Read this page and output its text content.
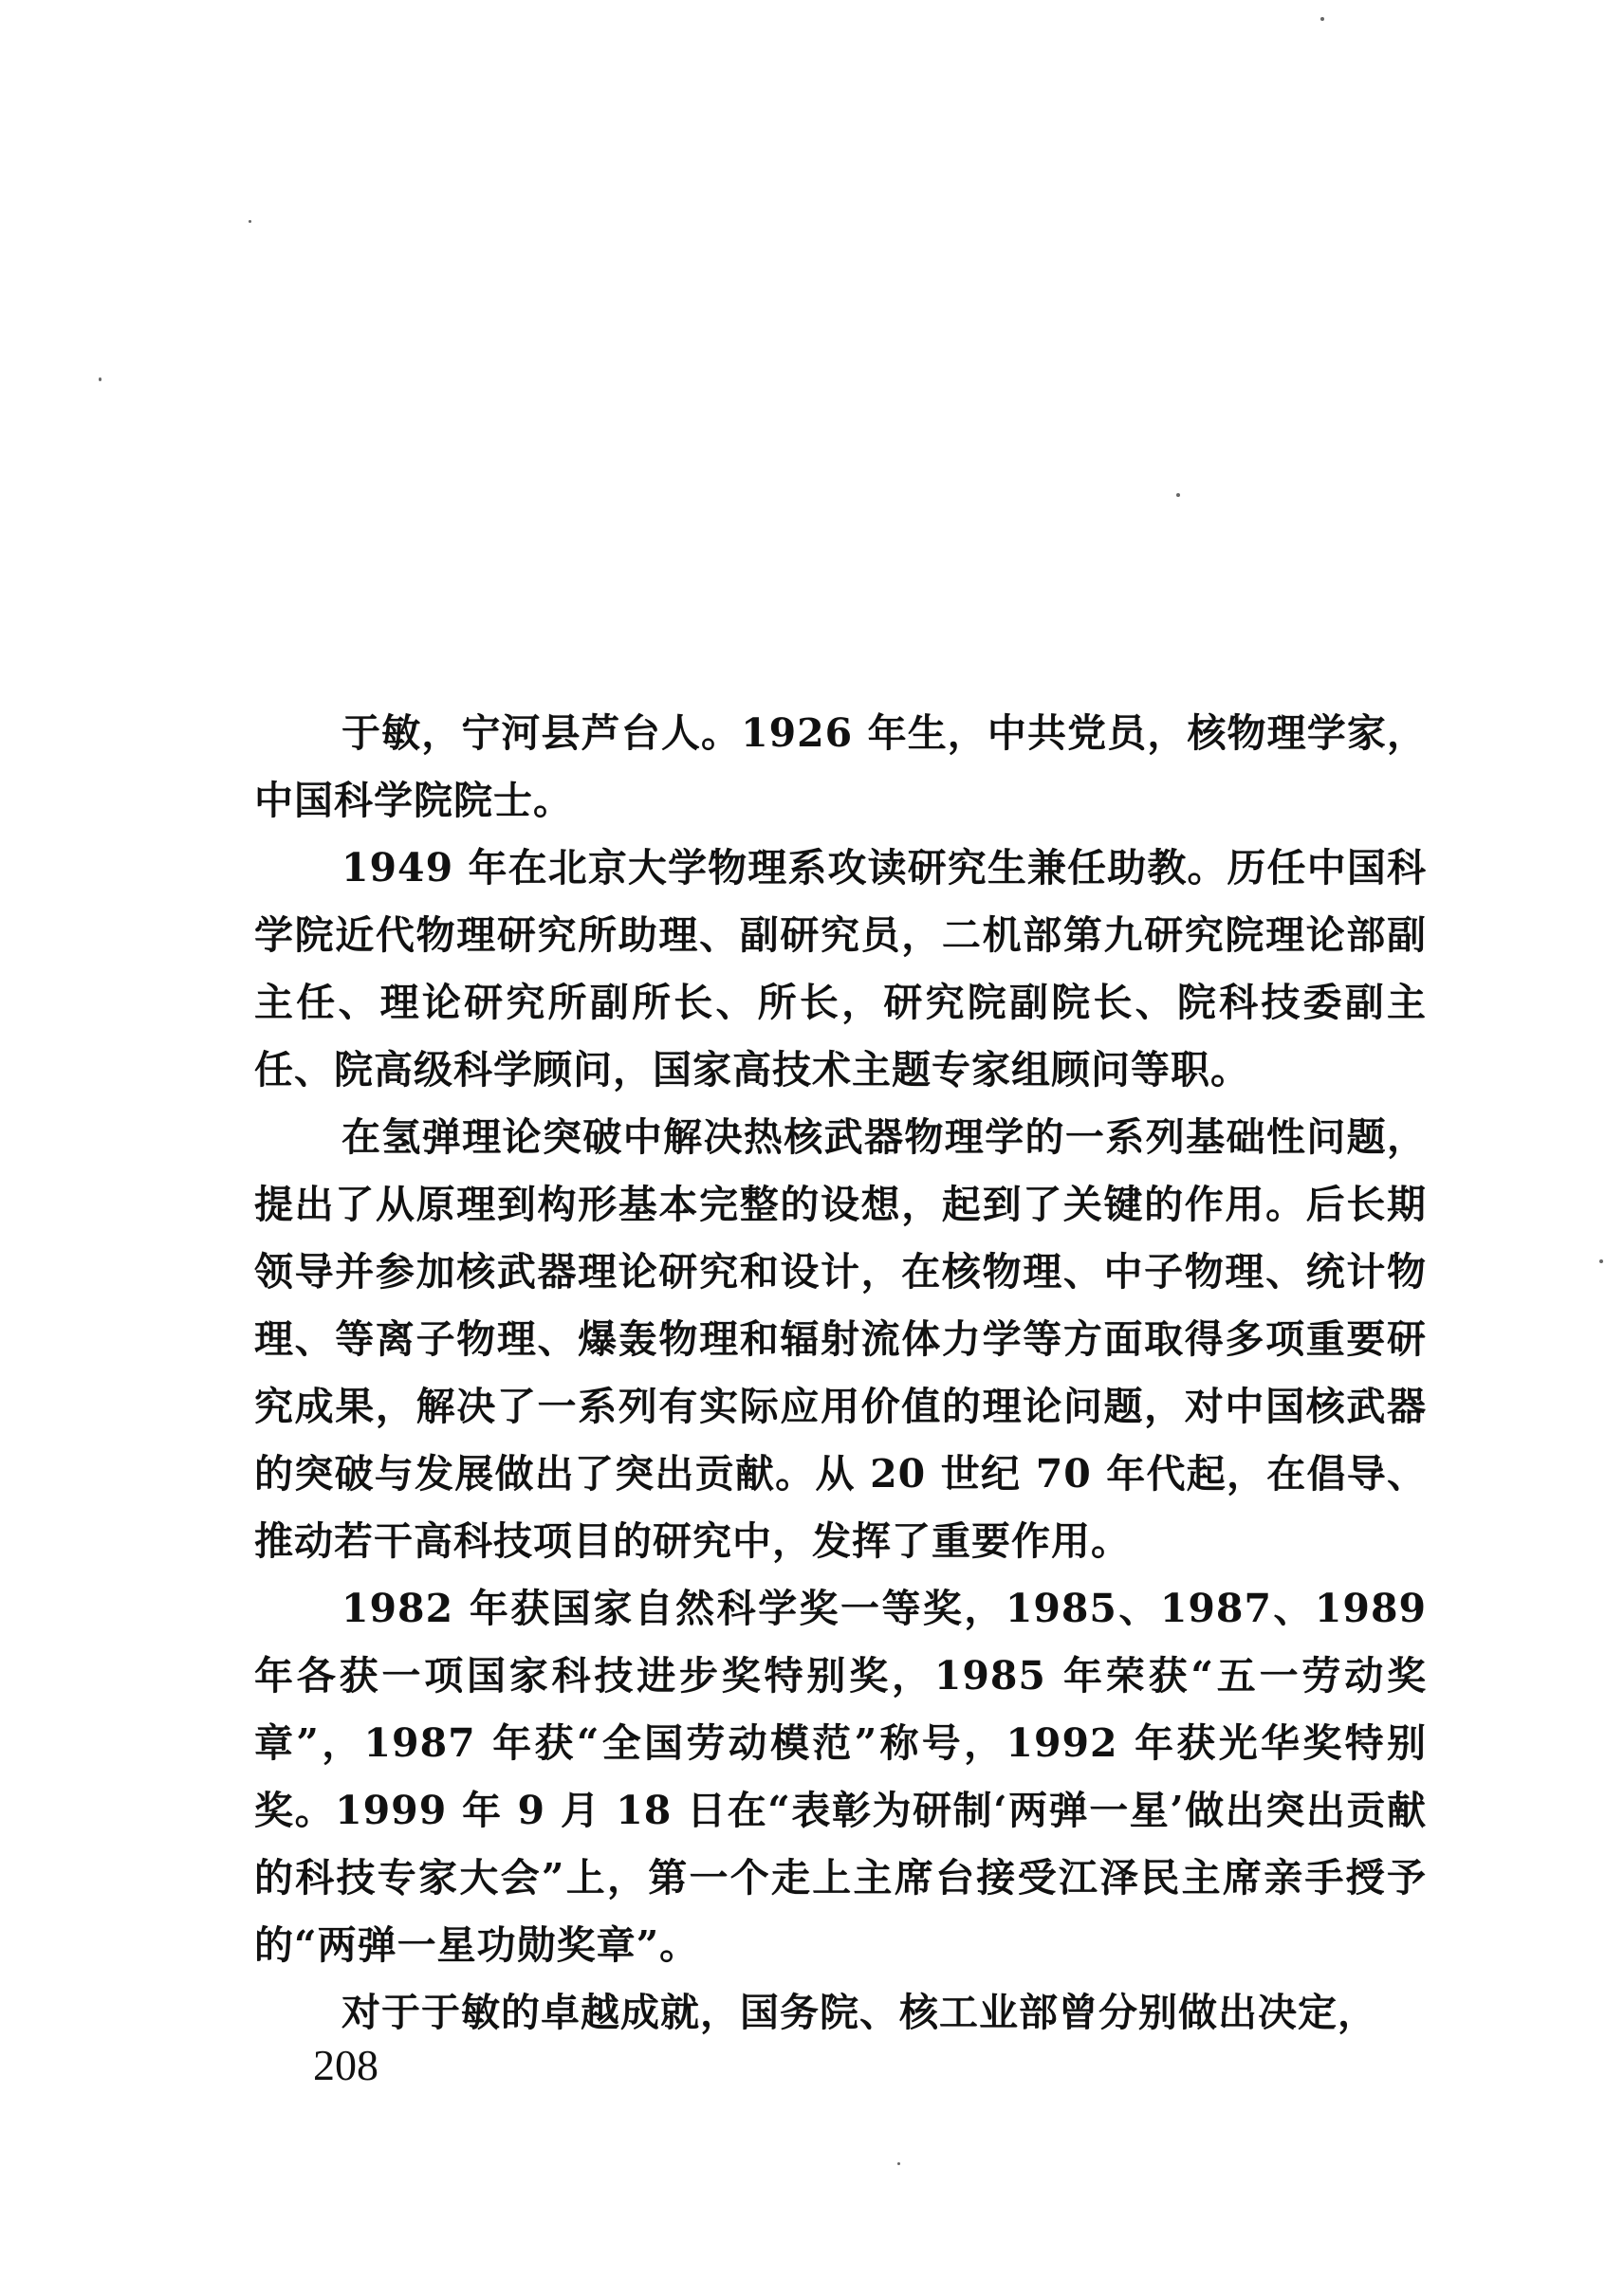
于敏，宁河县芦台人。1926 年生，中共党员，核物理学家，中国科学院院士。

1949 年在北京大学物理系攻读研究生兼任助教。历任中国科学院近代物理研究所助理、副研究员，二机部第九研究院理论部副主任、理论研究所副所长、所长，研究院副院长、院科技委副主任、院高级科学顾问，国家高技术主题专家组顾问等职。

在氢弹理论突破中解决热核武器物理学的一系列基础性问题，提出了从原理到构形基本完整的设想，起到了关键的作用。后长期领导并参加核武器理论研究和设计，在核物理、中子物理、统计物理、等离子物理、爆轰物理和辐射流体力学等方面取得多项重要研究成果，解决了一系列有实际应用价值的理论问题，对中国核武器的突破与发展做出了突出贡献。从 20 世纪 70 年代起，在倡导、推动若干高科技项目的研究中，发挥了重要作用。

1982 年获国家自然科学奖一等奖，1985、1987、1989 年各获一项国家科技进步奖特别奖，1985 年荣获“五一劳动奖章”，1987 年获“全国劳动模范”称号，1992 年获光华奖特别奖。1999 年 9 月 18 日在“表彰为研制‘两弹一星’做出突出贡献的科技专家大会”上，第一个走上主席台接受江泽民主席亲手授予的“两弹一星功勋奖章”。

对于于敏的卓越成就，国务院、核工业部曾分别做出决定，

208
